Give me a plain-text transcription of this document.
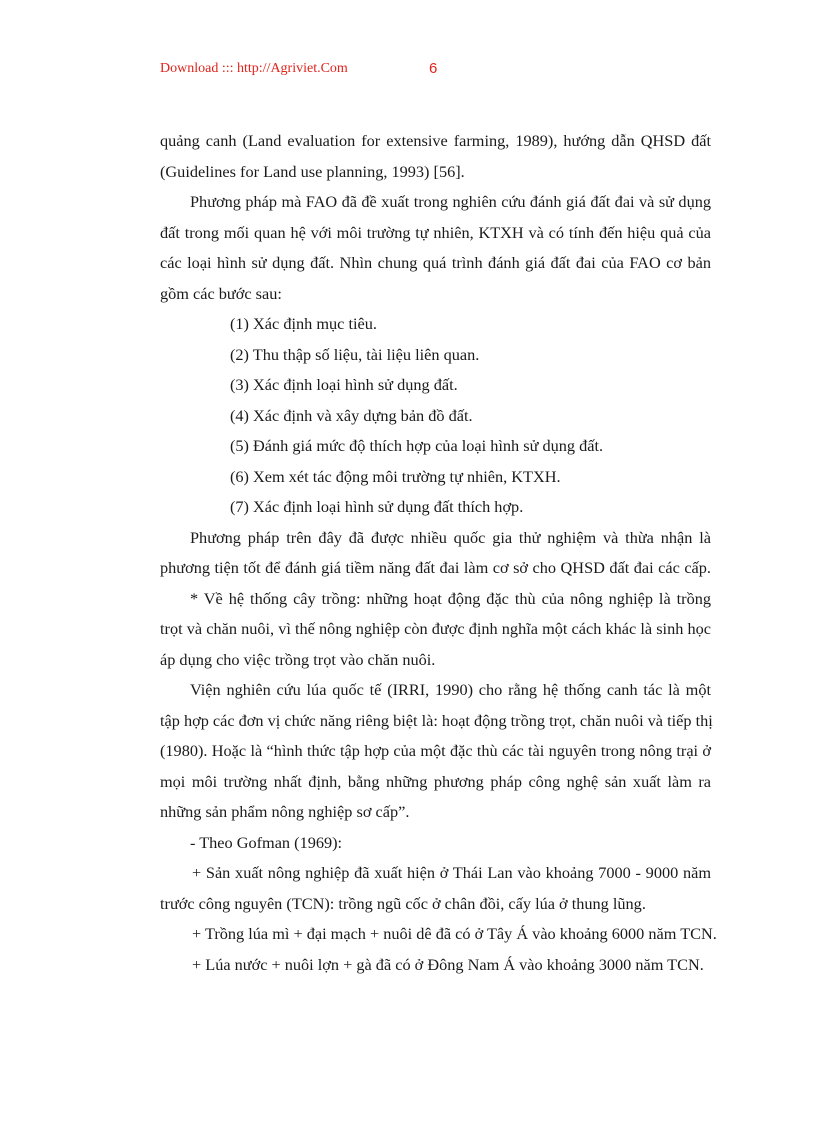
Download ::: http://Agriviet.Com	6
quảng canh (Land evaluation for extensive farming, 1989), hướng dẫn QHSD đất
(Guidelines for Land use planning, 1993) [56].
Phương pháp mà FAO đã đề xuất trong nghiên cứu đánh giá đất đai và sử dụng
đất trong mối quan hệ với môi trường tự nhiên, KTXH và có tính đến hiệu quả của
các loại hình sử dụng đất. Nhìn chung quá trình đánh giá đất đai của FAO cơ bản
gồm các bước sau:
(1) Xác định mục tiêu.
(2) Thu thập số liệu, tài liệu liên quan.
(3) Xác định loại hình sử dụng đất.
(4) Xác định và xây dựng bản đồ đất.
(5) Đánh giá mức độ thích hợp của loại hình sử dụng đất.
(6) Xem xét tác động môi trường tự nhiên, KTXH.
(7) Xác định loại hình sử dụng đất thích hợp.
Phương pháp trên đây đã được nhiều quốc gia thử nghiệm và thừa nhận là
phương tiện tốt để đánh giá tiềm năng đất đai làm cơ sở cho QHSD đất đai các cấp.
* Về hệ thống cây trồng: những hoạt động đặc thù của nông nghiệp là trồng
trọt và chăn nuôi, vì thế nông nghiệp còn được định nghĩa một cách khác là sinh học
áp dụng cho việc trồng trọt vào chăn nuôi.
Viện nghiên cứu lúa quốc tế (IRRI, 1990) cho rằng hệ thống canh tác là một
tập hợp các đơn vị chức năng riêng biệt là: hoạt động trồng trọt, chăn nuôi và tiếp thị
(1980). Hoặc là “hình thức tập hợp của một đặc thù các tài nguyên trong nông trại ở
mọi môi trường nhất định, bằng những phương pháp công nghệ sản xuất làm ra
những sản phẩm nông nghiệp sơ cấp”.
- Theo Gofman (1969):
+ Sản xuất nông nghiệp đã xuất hiện ở Thái Lan vào khoảng 7000 - 9000 năm
trước công nguyên (TCN): trồng ngũ cốc ở chân đồi, cấy lúa ở thung lũng.
+ Trồng lúa mì + đại mạch + nuôi dê đã có ở Tây Á vào khoảng 6000 năm TCN.
+ Lúa nước + nuôi lợn + gà đã có ở Đông Nam Á vào khoảng 3000 năm TCN.
